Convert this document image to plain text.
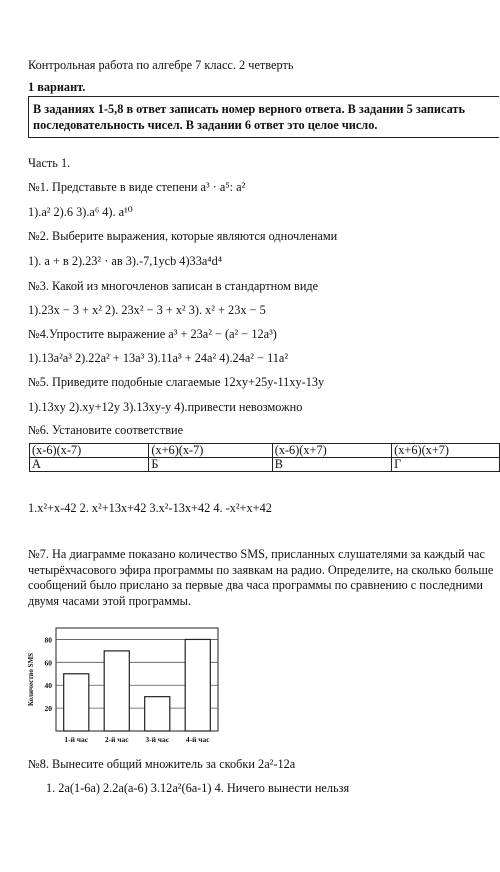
Контрольная работа по алгебре 7 класс. 2 четверть
1 вариант.
В заданиях 1-5,8 в ответ записать номер верного ответа. В задании 5 записать
последовательность чисел. В задании 6 ответ это целое число.
Часть 1.
№1. Представьте в виде степени a³ · a⁵: a²
1).a² 2).6 3).a⁶ 4). a¹⁰
№2. Выберите выражения, которые являются одночленами
1). а + в 2).23² · ав 3).-7,1ycb 4)33a⁴d⁴
№3. Какой из многочленов записан в стандартном виде
1).23x − 3 + x² 2). 23x² − 3 + x² 3). x² + 23x − 5
№4.Упростите выражение a³ + 23a² − (a² − 12a³)
1).13a²a³ 2).22a² + 13a³ 3).11a³ + 24a² 4).24a² − 11a²
№5. Приведите подобные слагаемые 12xy+25y-11xy-13y
1).13xy 2).xy+12y 3).13xy-y 4).привести невозможно
№6. Установите соответствие
(x-6)(x-7)	(x+6)(x-7)	(x-6)(x+7)	(x+6)(x+7)
А	Б	В	Г
1.x²+x-42 2. x²+13x+42 3.x²-13x+42 4. -x²+x+42
№7. На диаграмме показано количество SMS, присланных слушателями за каждый час
четырёхчасового эфира программы по заявкам на радио. Определите, на сколько больше
сообщений было прислано за первые два часа программы по сравнению с последними
двумя часами этой программы.
20
40
60
80
1-й час 2-й час 3-й час 4-й час
Количество SMS
№8. Вынесите общий множитель за скобки 2a²-12a
1. 2a(1-6a) 2.2a(a-6) 3.12a²(6a-1) 4. Ничего вынести нельзя
